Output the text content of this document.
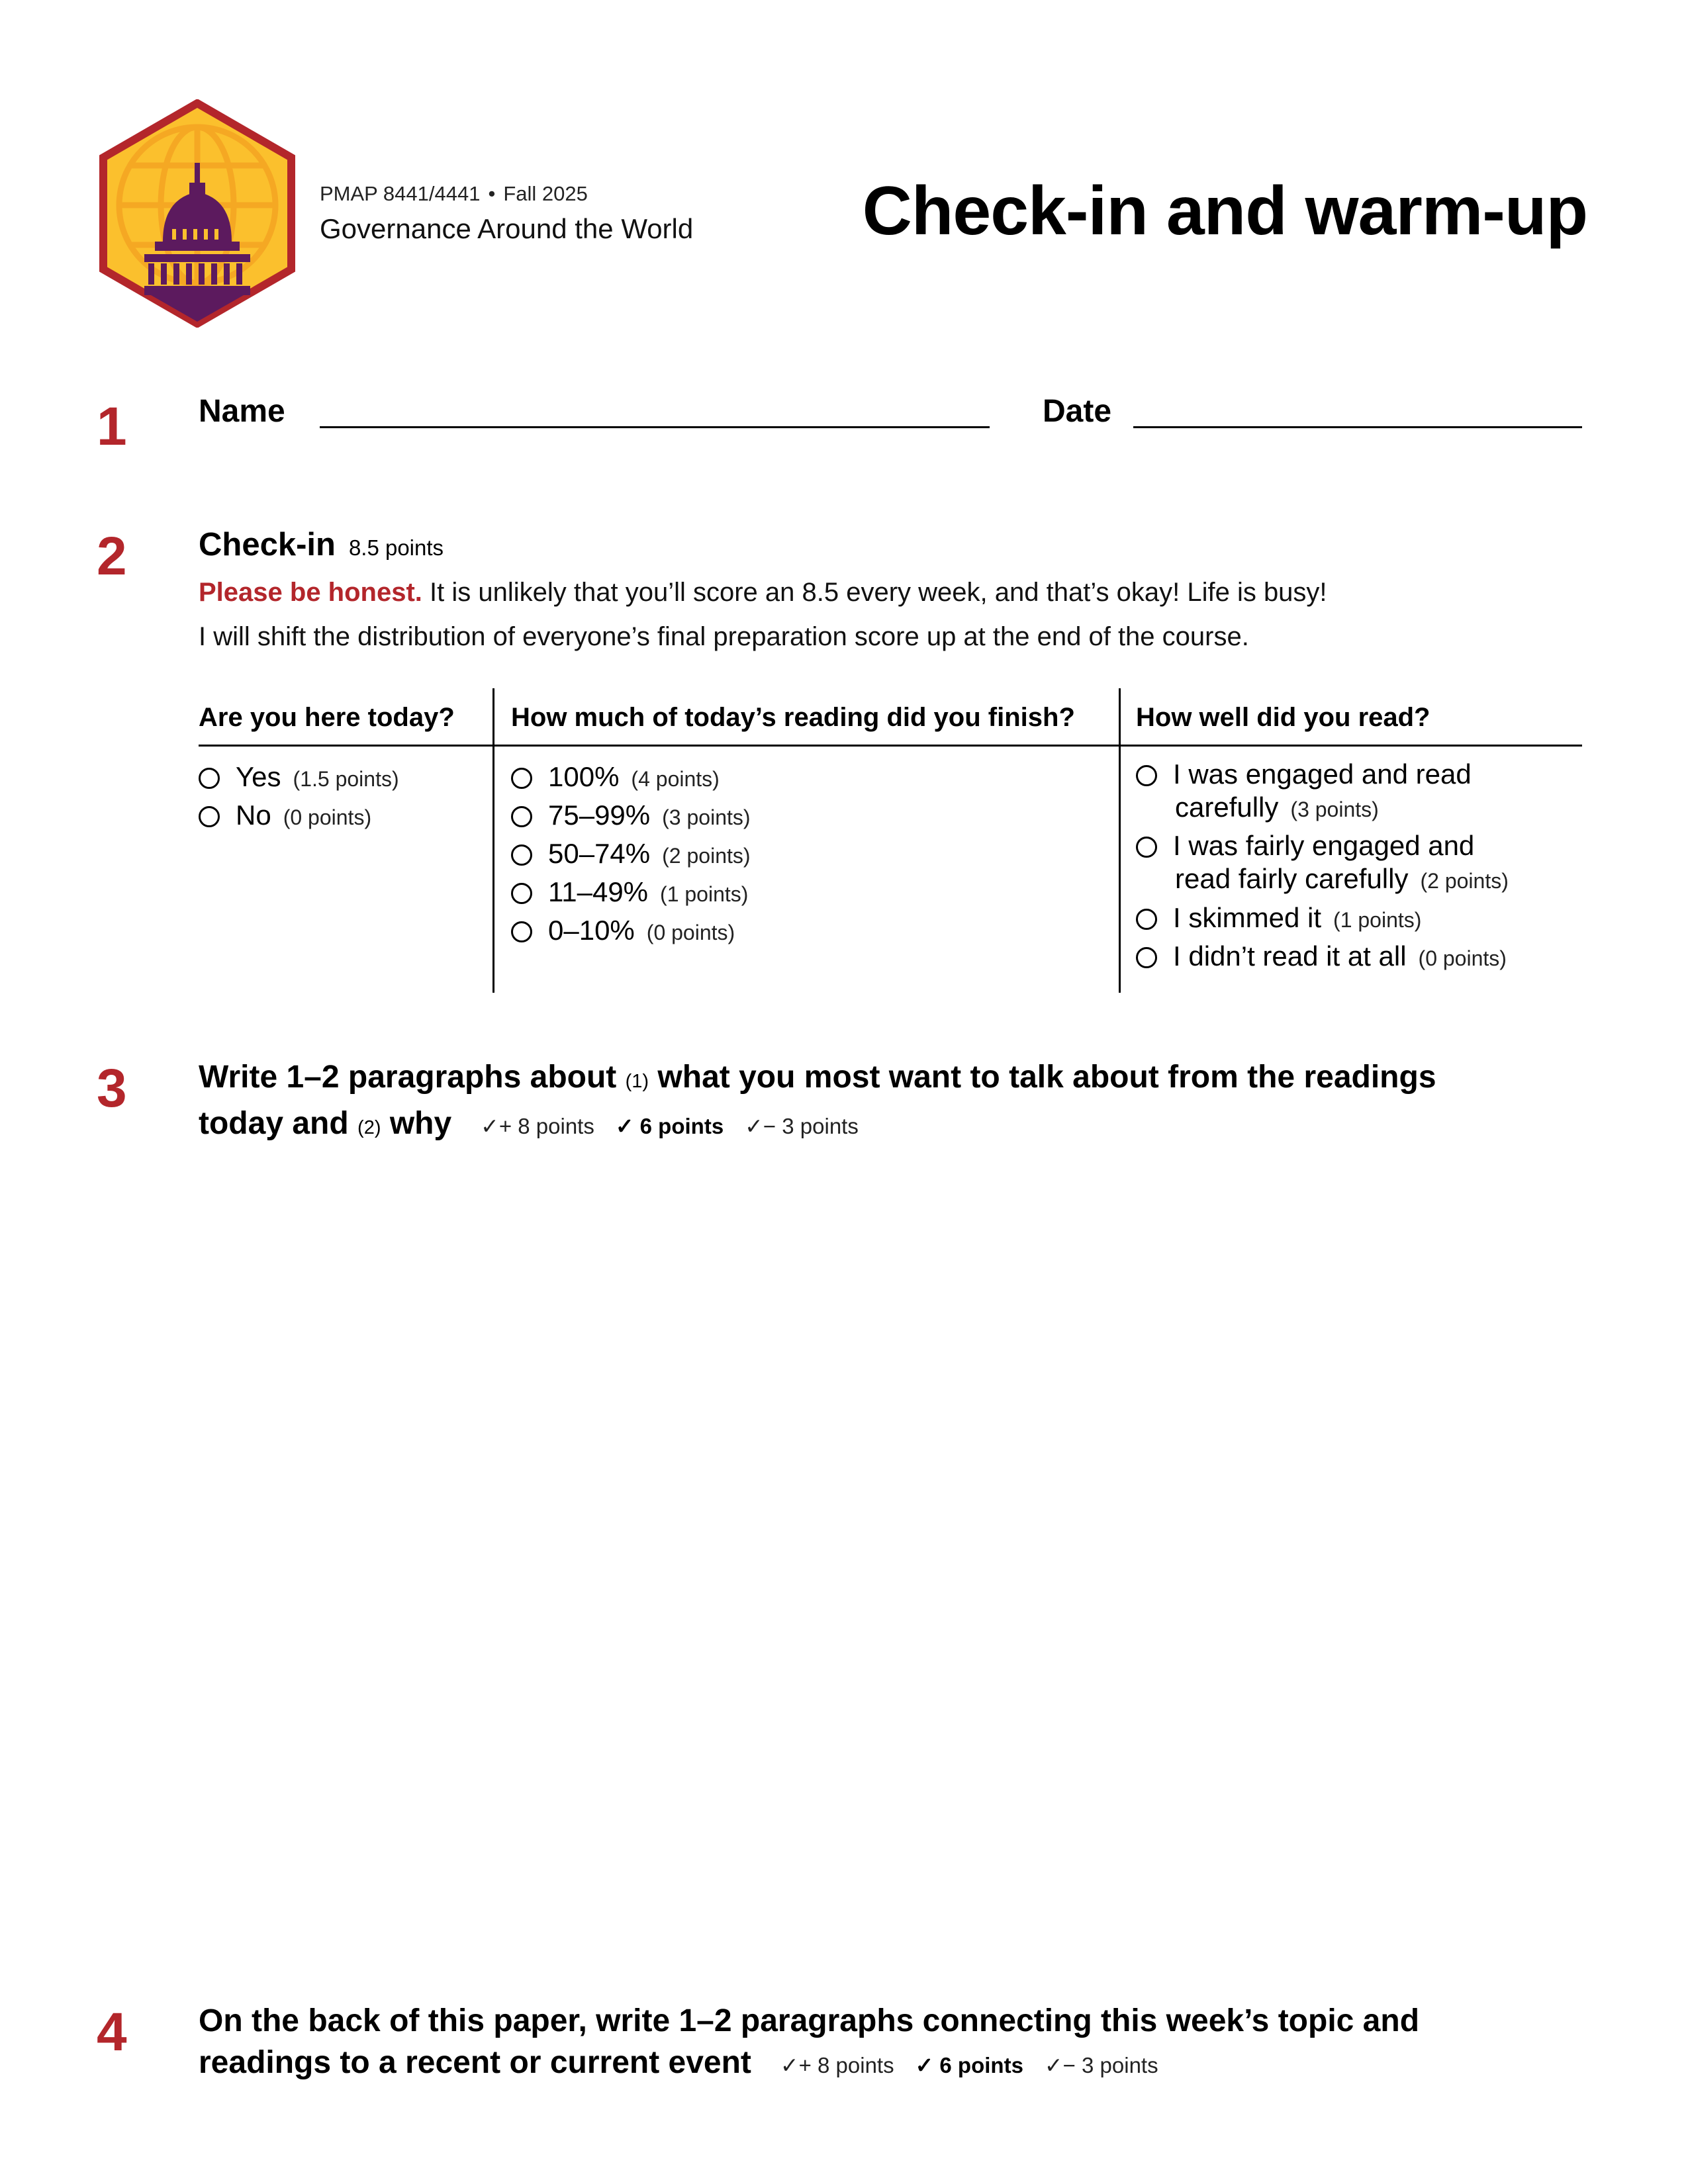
PMAP 8441/4441 • Fall 2025
Governance Around the World Check-in and warm-up
1 Name	Date
2 Check-in 8.5 points
Please be honest. It is unlikely that you’ll score an 8.5 every week, and that’s okay! Life is busy!
I will shift the distribution of everyone’s final preparation score up at the end of the course.
Are you here today? How much of today’s reading did you finish? How well did you read?
Yes (1.5 points)
No (0 points)
100% (4 points)
75–99% (3 points)
50–74% (2 points)
11–49% (1 points)
0–10% (0 points)
I was engaged and read
carefully (3 points)
I was fairly engaged and
read fairly carefully (2 points)
I skimmed it (1 points)
I didn’t read it at all (0 points)
3 Write 1–2 paragraphs about (1) what you most want to talk about from the readings
today and (2) why ✓+ 8 points ✓ 6 points ✓− 3 points
4 On the back of this paper, write 1–2 paragraphs connecting this week’s topic and
readings to a recent or current event ✓+ 8 points ✓ 6 points ✓− 3 points
